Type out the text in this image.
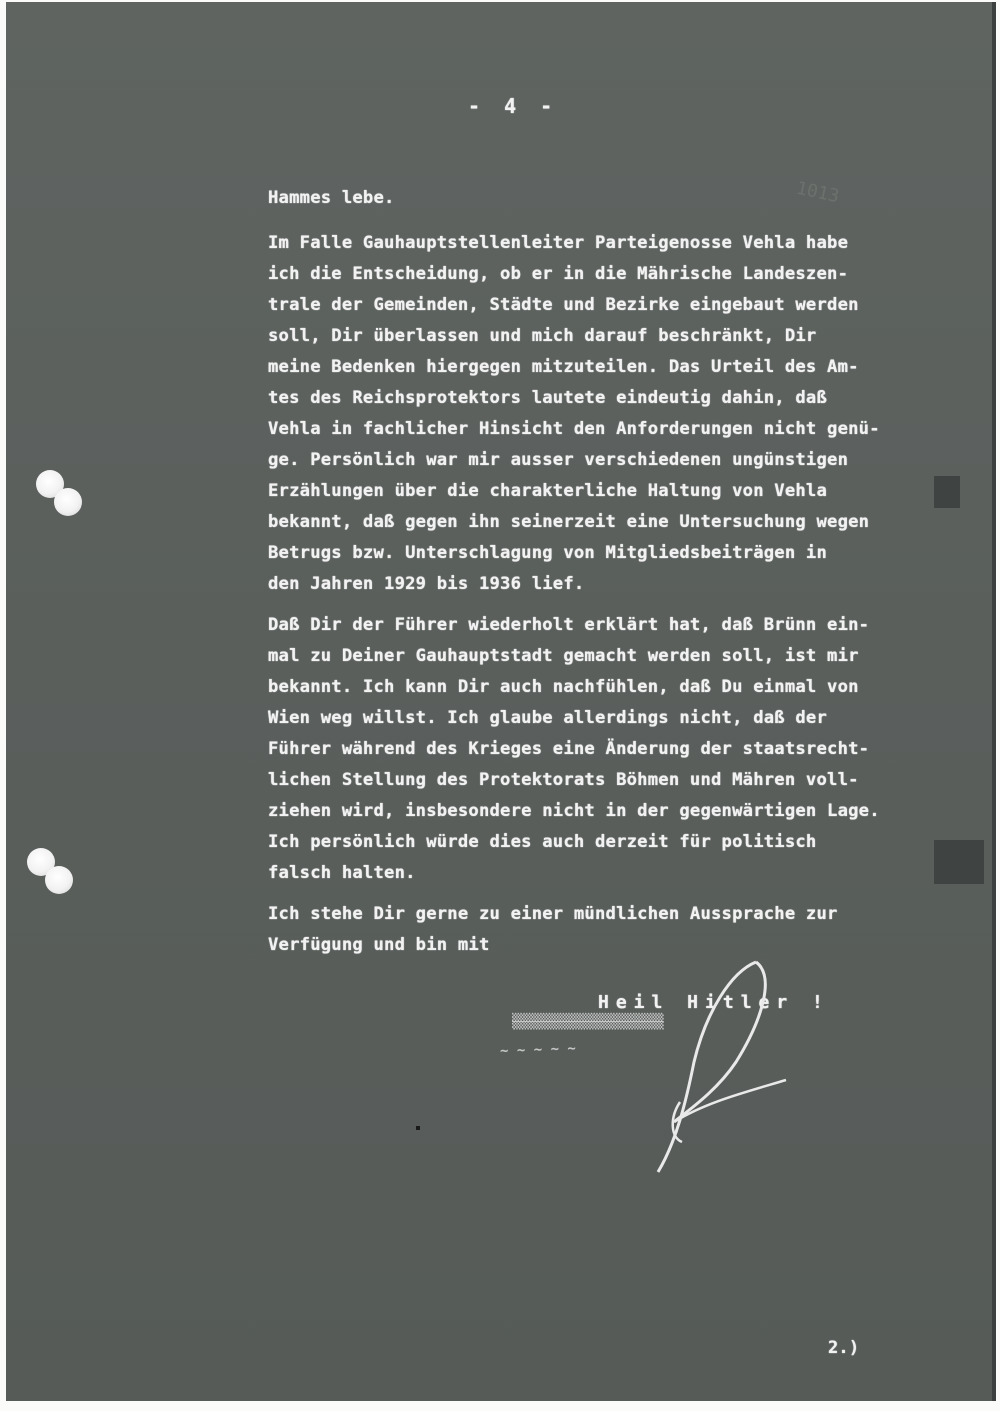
1013
- 4 -
Hammes lebe.
Im Falle Gauhauptstellenleiter Parteigenosse Vehla habe
ich die Entscheidung, ob er in die Mährische Landeszen-
trale der Gemeinden, Städte und Bezirke eingebaut werden
soll, Dir überlassen und mich darauf beschränkt, Dir
meine Bedenken hiergegen mitzuteilen. Das Urteil des Am-
tes des Reichsprotektors lautete eindeutig dahin, daß
Vehla in fachlicher Hinsicht den Anforderungen nicht genü-
ge. Persönlich war mir ausser verschiedenen ungünstigen
Erzählungen über die charakterliche Haltung von Vehla
bekannt, daß gegen ihn seinerzeit eine Untersuchung wegen
Betrugs bzw. Unterschlagung von Mitgliedsbeiträgen in
den Jahren 1929 bis 1936 lief.
Daß Dir der Führer wiederholt erklärt hat, daß Brünn ein-
mal zu Deiner Gauhauptstadt gemacht werden soll, ist mir
bekannt. Ich kann Dir auch nachfühlen, daß Du einmal von
Wien weg willst. Ich glaube allerdings nicht, daß der
Führer während des Krieges eine Änderung der staatsrecht-
lichen Stellung des Protektorats Böhmen und Mähren voll-
ziehen wird, insbesondere nicht in der gegenwärtigen Lage.
Ich persönlich würde dies auch derzeit für politisch
falsch halten.
Ich stehe Dir gerne zu einer mündlichen Aussprache zur
Verfügung und bin mit
Heil Hitler !
▒▒▒▒▒▒▒▒▒▒▒▒▒▒▒▒▒▒
~ ~ ~ ~ ~
2.)
